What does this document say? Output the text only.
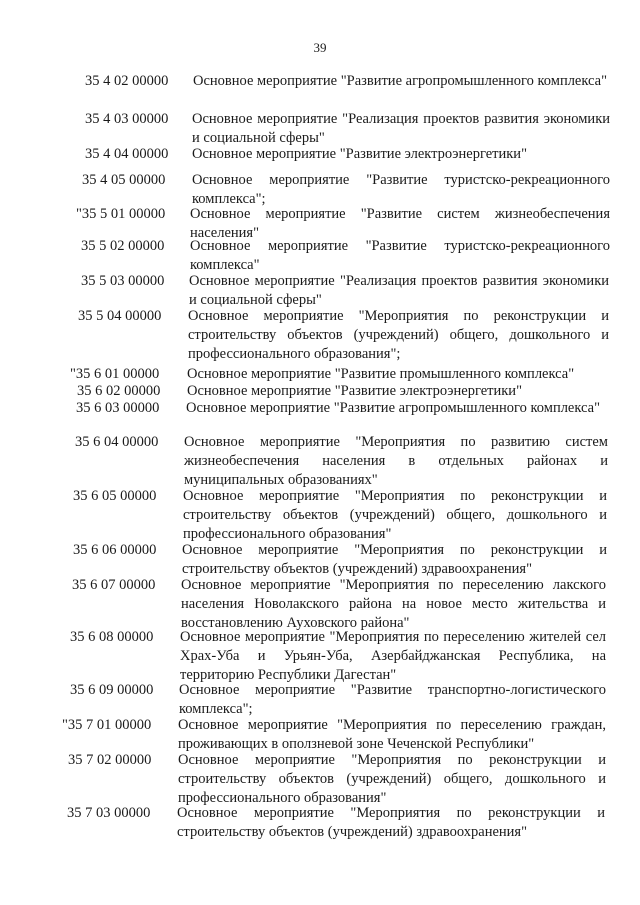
39
35 4 02 00000 Основное мероприятие "Развитие агропромышленного комплекса"
35 4 03 00000 Основное мероприятие "Реализация проектов развития экономики и социальной сферы"
35 4 04 00000 Основное мероприятие "Развитие электроэнергетики"
35 4 05 00000 Основное мероприятие "Развитие туристско-рекреационного комплекса";
"35 5 01 00000 Основное мероприятие "Развитие систем жизнеобеспечения населения"
35 5 02 00000 Основное мероприятие "Развитие туристско-рекреационного комплекса"
35 5 03 00000 Основное мероприятие "Реализация проектов развития экономики и социальной сферы"
35 5 04 00000 Основное мероприятие "Мероприятия по реконструкции и строительству объектов (учреждений) общего, дошкольного и профессионального образования";
"35 6 01 00000 Основное мероприятие "Развитие промышленного комплекса"
35 6 02 00000 Основное мероприятие "Развитие электроэнергетики"
35 6 03 00000 Основное мероприятие "Развитие агропромышленного комплекса"
35 6 04 00000 Основное мероприятие "Мероприятия по развитию систем жизнеобеспечения населения в отдельных районах и муниципальных образованиях"
35 6 05 00000 Основное мероприятие "Мероприятия по реконструкции и строительству объектов (учреждений) общего, дошкольного и профессионального образования"
35 6 06 00000 Основное мероприятие "Мероприятия по реконструкции и строительству объектов (учреждений) здравоохранения"
35 6 07 00000 Основное мероприятие "Мероприятия по переселению лакского населения Новолакского района на новое место жительства и восстановлению Ауховского района"
35 6 08 00000 Основное мероприятие "Мероприятия по переселению жителей сел Храх-Уба и Урьян-Уба, Азербайджанская Республика, на территорию Республики Дагестан"
35 6 09 00000 Основное мероприятие "Развитие транспортно-логистического комплекса";
"35 7 01 00000 Основное мероприятие "Мероприятия по переселению граждан, проживающих в оползневой зоне Чеченской Республики"
35 7 02 00000 Основное мероприятие "Мероприятия по реконструкции и строительству объектов (учреждений) общего, дошкольного и профессионального образования"
35 7 03 00000 Основное мероприятие "Мероприятия по реконструкции и строительству объектов (учреждений) здравоохранения"
